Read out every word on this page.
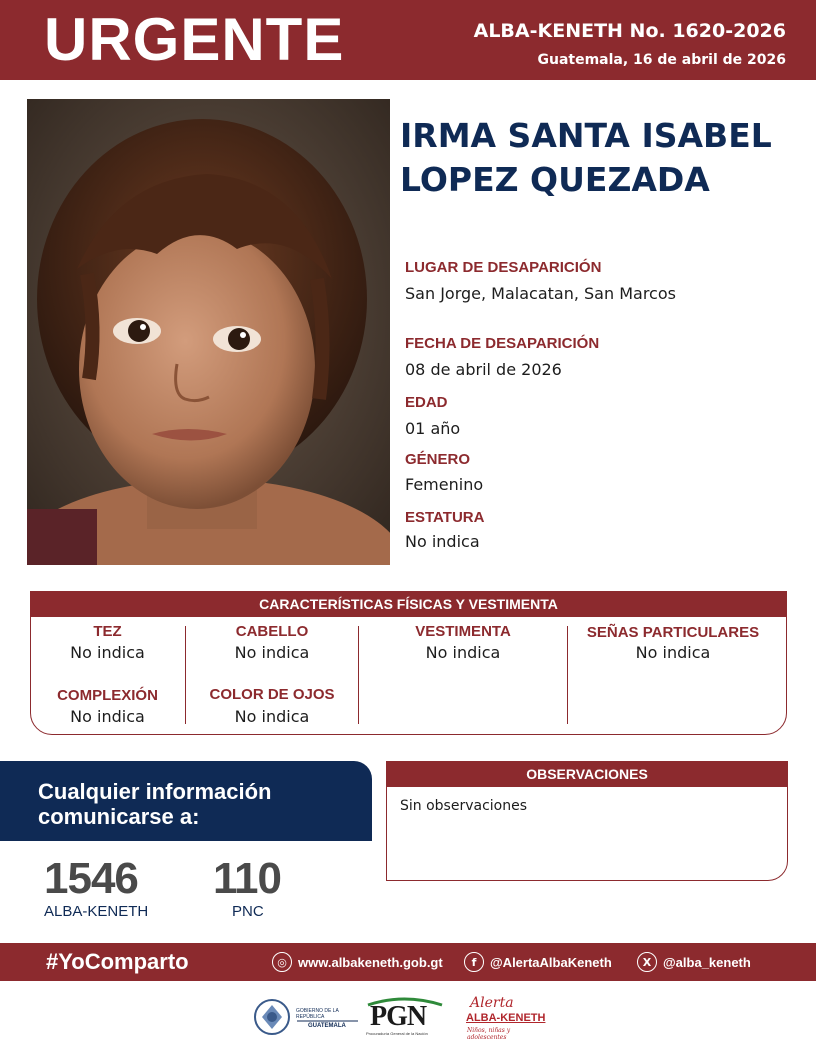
URGENTE	ALBA-KENETH No. 1620-2026
Guatemala, 16 de abril de 2026
IRMA SANTA ISABEL
LOPEZ QUEZADA
LUGAR DE DESAPARICIÓN
San Jorge, Malacatan, San Marcos
FECHA DE DESAPARICIÓN
08 de abril de 2026
EDAD
01 año
GÉNERO
Femenino
ESTATURA
No indica
CARACTERÍSTICAS FÍSICAS Y VESTIMENTA
TEZ
No indica
CABELLO
No indica
VESTIMENTA
No indica
SEÑAS PARTICULARES
No indica
COMPLEXIÓN
No indica
COLOR DE OJOS
No indica
Cualquier información
comunicarse a:
1546
ALBA-KENETH
110
PNC
OBSERVACIONES
Sin observaciones
#YoComparto	◎ www.albakeneth.gob.gt	f	@AlertaAlbaKeneth	X @alba_keneth
GOBIERNO DE LA REPÚBLICA
GUATEMALA PGN
Procuraduría General de la Nación
Alerta
ALBA-KENETH
Niños, niñas y adolescentes
